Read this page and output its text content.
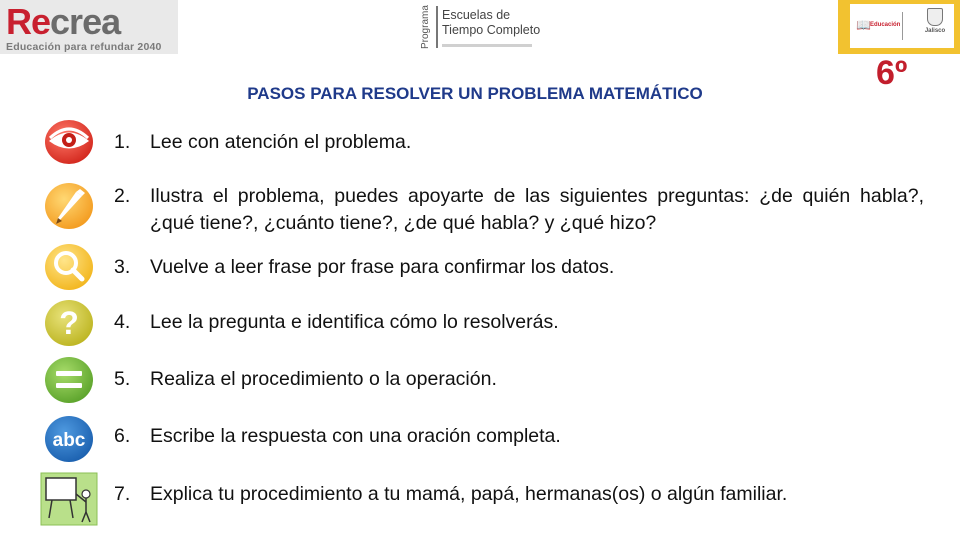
Recrea
Educación para refundar 2040	Programa Escuelas de
Tiempo Completo	📖 Educación
Jalisco
6º
PASOS PARA RESOLVER UN PROBLEMA MATEMÁTICO
1.	Lee con atención el problema.
2.	Ilustra el problema, puedes apoyarte de las siguientes preguntas: ¿de quién habla?, ¿qué tiene?, ¿cuánto tiene?, ¿de qué habla? y ¿qué hizo?
3.	Vuelve a leer frase por frase para confirmar los datos.
? 4.	Lee la pregunta e identifica cómo lo resolverás.
5.	Realiza el procedimiento o la operación.
abc 6.	Escribe la respuesta con una oración completa.
7.	Explica tu procedimiento a tu mamá, papá, hermanas(os) o algún familiar.
